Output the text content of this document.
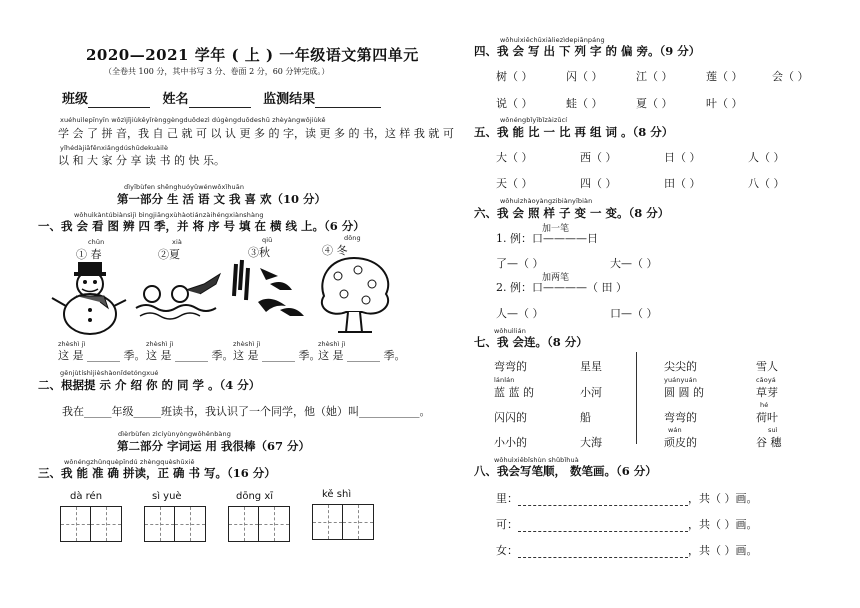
2020—2021 学年 ( 上 ) 一年级语文第四单元
（全卷共 100 分，其中书写 3 分、卷面 2 分，60 分钟完成。）
班级	姓名	监测结果
xuéhuìlepīnyīn wǒzìjǐjiùkěyǐrènggèngduōdezì dúgèngduōdeshū zhèyàngwǒjiùkě
学 会 了 拼 音，我 自 己 就 可 以 认 更 多 的 字，读 更 多 的 书，这 样 我 就 可
yǐhédàjiāfēnxiǎngdúshūdekuàilè
以 和 大 家 分 享 读 书 的 快 乐。
dìyībùfen shēnghuóyǔwénwǒxǐhuān
第一部分 生 活 语 文 我 喜 欢（10 分）
wǒhuìkàntúbiànsìjì bìngjiāngxùhàotiánzàihéngxiànshàng
一、我 会 看 图 辨 四 季，并 将 序 号 填 在 横 线 上。（6 分）
chūn
① 春
xià
②夏
qiū
③秋
dōng
④ 冬
zhèshì jì
这 是 ______ 季。
zhèshì jì
这 是 ______ 季。
zhèshì jì
这 是 ______ 季。
zhèshì jì
这 是 ______ 季。
gēnjùtíshìjièshàonǐdetóngxué
二、根据提 示 介 绍 你 的 同 学 。（4 分）
我在_____年级_____班读书，我认识了一个同学，他（她）叫___________。
dìèrbùfen zìcíyùnyòngwǒhěnbàng
第二部分 字词运 用 我很棒（67 分）
wǒnéngzhǔnquèpīndú zhèngquèshūxiě
三、我 能 准 确 拼读，正 确 书 写。（16 分）
dà rén	sì yuè	dōng xī	kě shì
wǒhuìxiěchūxiàliezìdepiānpáng
四、我 会 写 出 下 列 字 的 偏 旁。（9 分）
树（ ）	闪（ ）	江（ ）	莲（ ）	会（ ）
说（ ）	蛙（ ）	夏（ ）	叶（ ）
wǒnéngbǐyībǐzàizǔcí
五、我 能 比 一 比 再 组 词 。（8 分）
大（ ）	西（ ）	日（ ）	人（ ）
天（ ）	四（ ）	田（ ）	八（ ）
wǒhuìzhàoyàngzibiànyībiàn
六、我 会 照 样 子 变 一 变。（8 分）
加一笔
1. 例：口————日
了—（ ）	大—（ ）
加两笔
2. 例：口————（ 田 ）
人—（ ）	口—（ ）
wǒhuìlián
七、我 会连。（8 分）
弯弯的
lánlán
蓝 蓝 的
闪闪的
小小的
星星
小河
船
大海
尖尖的
yuányuán
圆 圆 的
弯弯的
wán
顽皮的
雪人
cǎoyá
草芽
hé
荷叶
suì
谷 穗
wǒhuìxiěbǐshùn shǔbǐhuà
八、我会写笔顺， 数笔画。（6 分）
里：	，共（ ）画。
可：	，共（ ）画。
女：	，共（ ）画。
